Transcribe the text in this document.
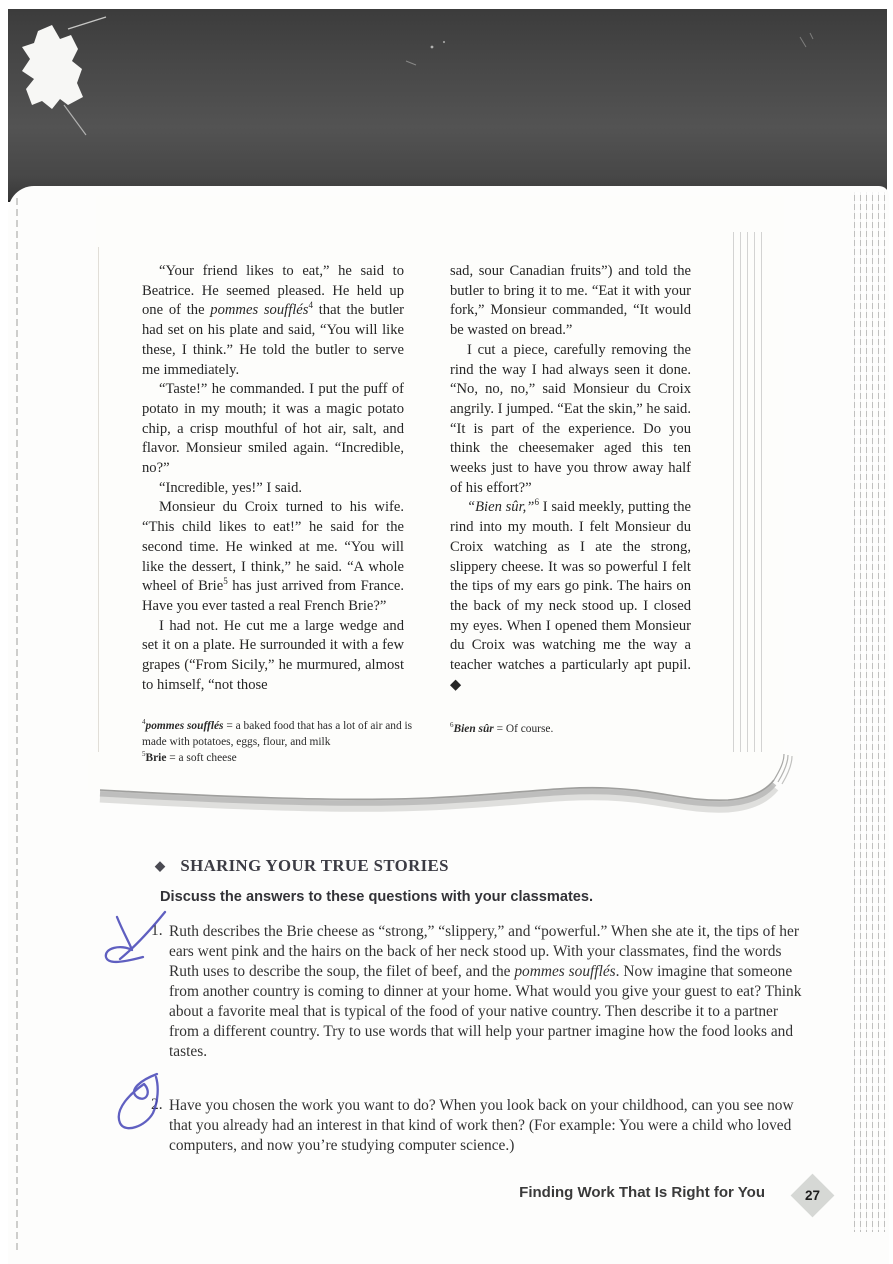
“Your friend likes to eat,” he said to Beatrice. He seemed pleased. He held up one of the pommes soufflés$^4$ that the butler had set on his plate and said, “You will like these, I think.” He told the butler to serve me immediately.

“Taste!” he commanded. I put the puff of potato in my mouth; it was a magic potato chip, a crisp mouthful of hot air, salt, and flavor. Monsieur smiled again. “Incredible, no?”

“Incredible, yes!” I said.

Monsieur du Croix turned to his wife. “This child likes to eat!” he said for the second time. He winked at me. “You will like the dessert, I think,” he said. “A whole wheel of Brie$^5$ has just arrived from France. Have you ever tasted a real French Brie?”

I had not. He cut me a large wedge and set it on a plate. He surrounded it with a few grapes (“From Sicily,” he murmured, almost to himself, “not those

sad, sour Canadian fruits”) and told the butler to bring it to me. “Eat it with your fork,” Monsieur commanded, “It would be wasted on bread.”

I cut a piece, carefully removing the rind the way I had always seen it done. “No, no, no,” said Monsieur du Croix angrily. I jumped. “Eat the skin,” he said. “It is part of the experience. Do you think the cheesemaker aged this ten weeks just to have you throw away half of his effort?”

“Bien sûr,”$^6$ I said meekly, putting the rind into my mouth. I felt Monsieur du Croix watching as I ate the strong, slippery cheese. It was so powerful I felt the tips of my ears go pink. The hairs on the back of my neck stood up. I closed my eyes. When I opened them Monsieur du Croix was watching me the way a teacher watches a particularly apt pupil. ◆

$^4$pommes soufflés = a baked food that has a lot of air and is made with potatoes, eggs, flour, and milk

$^5$Brie = a soft cheese

$^6$Bien sûr = Of course.

◆ SHARING YOUR TRUE STORIES
Discuss the answers to these questions with your classmates.
1. Ruth describes the Brie cheese as “strong,” “slippery,” and “powerful.” When she ate it, the tips of her ears went pink and the hairs on the back of her neck stood up. With your classmates, find the words Ruth uses to describe the soup, the filet of beef, and the pommes soufflés. Now imagine that someone from another country is coming to dinner at your home. What would you give your guest to eat? Think about a favorite meal that is typical of the food of your native country. Then describe it to a partner from a different country. Try to use words that will help your partner imagine how the food looks and tastes.
2. Have you chosen the work you want to do? When you look back on your childhood, can you see now that you already had an interest in that kind of work then? (For example: You were a child who loved computers, and now you’re studying computer science.)
Finding Work That Is Right for You	27
